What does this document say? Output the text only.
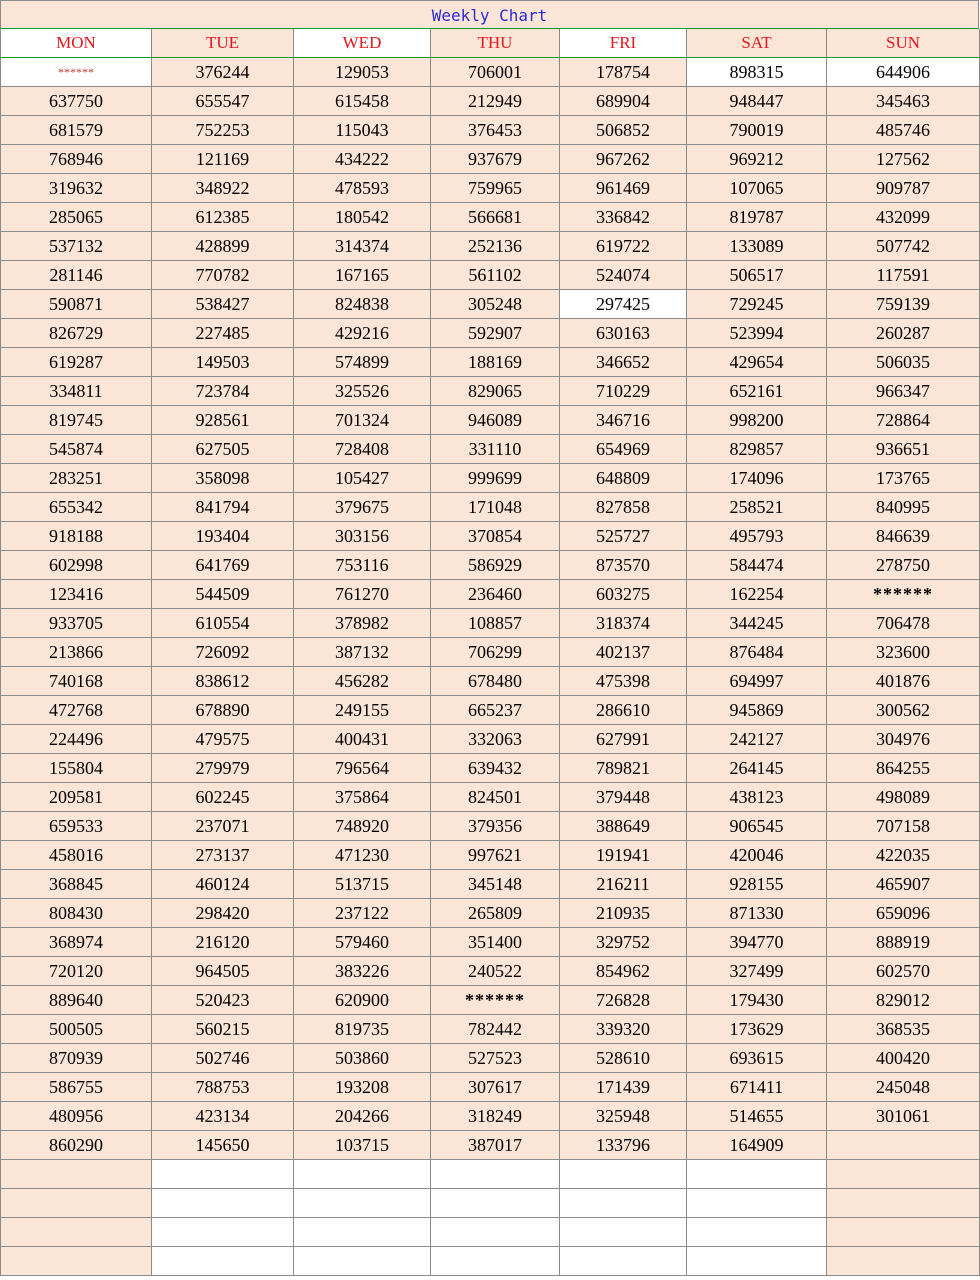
Weekly Chart
MON	TUE	WED	THU	FRI	SAT	SUN
******	376244	129053	706001	178754	898315	644906
637750	655547	615458	212949	689904	948447	345463
681579	752253	115043	376453	506852	790019	485746
768946	121169	434222	937679	967262	969212	127562
319632	348922	478593	759965	961469	107065	909787
285065	612385	180542	566681	336842	819787	432099
537132	428899	314374	252136	619722	133089	507742
281146	770782	167165	561102	524074	506517	117591
590871	538427	824838	305248	297425	729245	759139
826729	227485	429216	592907	630163	523994	260287
619287	149503	574899	188169	346652	429654	506035
334811	723784	325526	829065	710229	652161	966347
819745	928561	701324	946089	346716	998200	728864
545874	627505	728408	331110	654969	829857	936651
283251	358098	105427	999699	648809	174096	173765
655342	841794	379675	171048	827858	258521	840995
918188	193404	303156	370854	525727	495793	846639
602998	641769	753116	586929	873570	584474	278750
123416	544509	761270	236460	603275	162254	******
933705	610554	378982	108857	318374	344245	706478
213866	726092	387132	706299	402137	876484	323600
740168	838612	456282	678480	475398	694997	401876
472768	678890	249155	665237	286610	945869	300562
224496	479575	400431	332063	627991	242127	304976
155804	279979	796564	639432	789821	264145	864255
209581	602245	375864	824501	379448	438123	498089
659533	237071	748920	379356	388649	906545	707158
458016	273137	471230	997621	191941	420046	422035
368845	460124	513715	345148	216211	928155	465907
808430	298420	237122	265809	210935	871330	659096
368974	216120	579460	351400	329752	394770	888919
720120	964505	383226	240522	854962	327499	602570
889640	520423	620900	******	726828	179430	829012
500505	560215	819735	782442	339320	173629	368535
870939	502746	503860	527523	528610	693615	400420
586755	788753	193208	307617	171439	671411	245048
480956	423134	204266	318249	325948	514655	301061
860290	145650	103715	387017	133796	164909	
